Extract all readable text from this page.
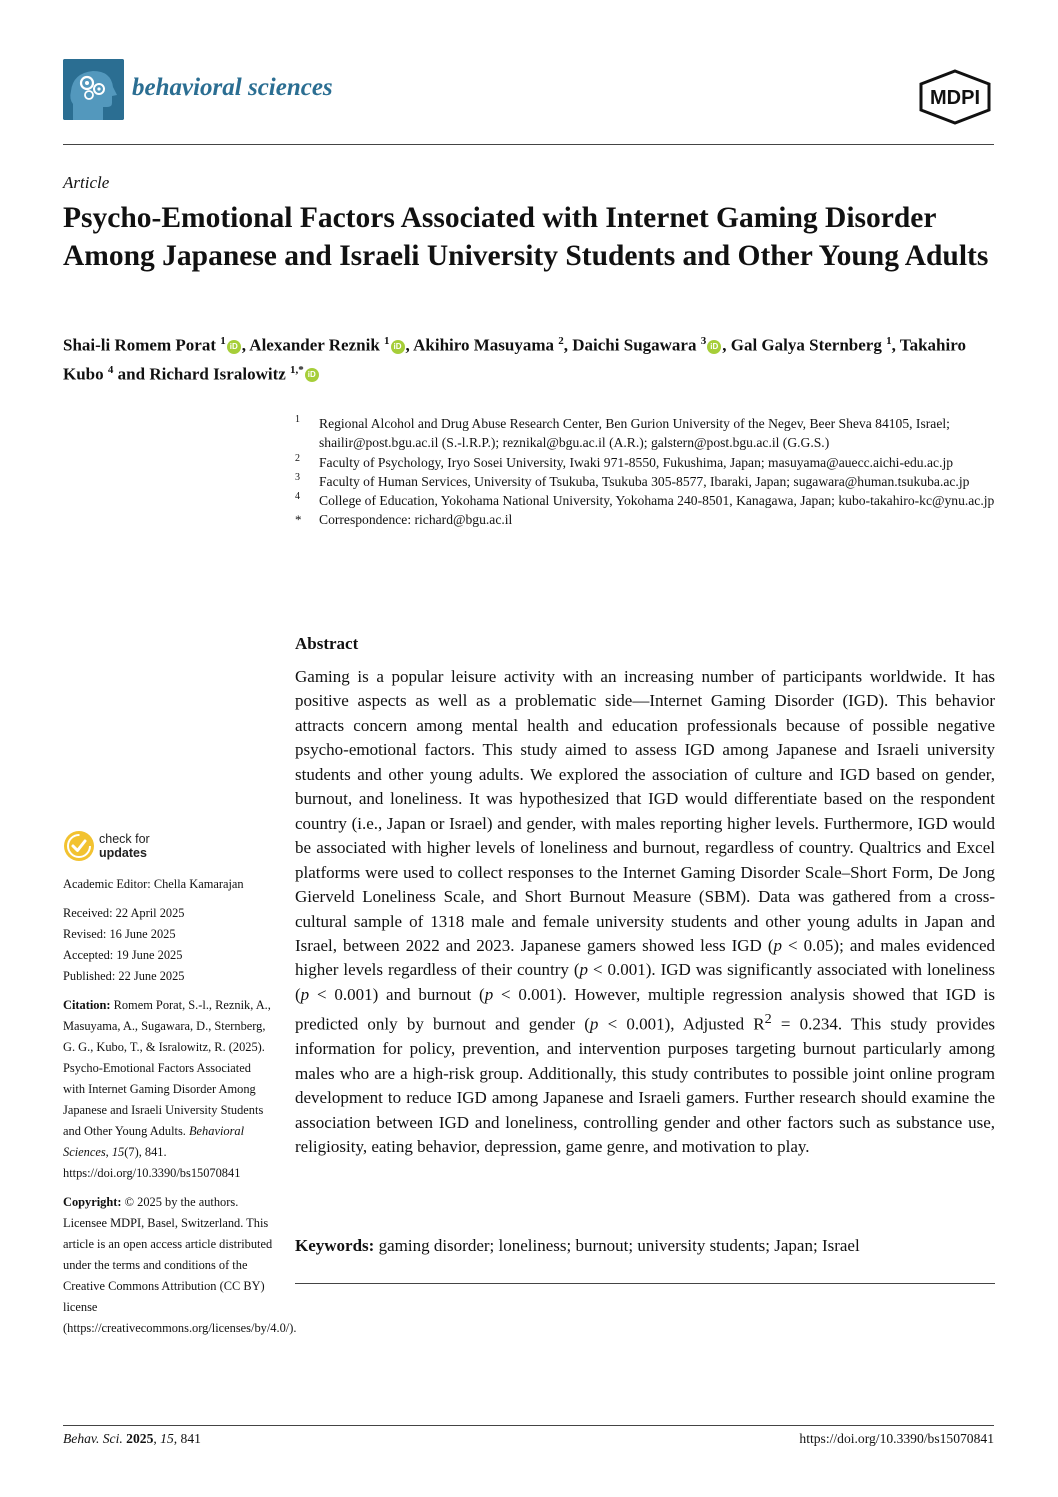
behavioral sciences	MDPI
Article
Psycho-Emotional Factors Associated with Internet Gaming Disorder Among Japanese and Israeli University Students and Other Young Adults
Shai-li Romem Porat $^1$ iD , Alexander Reznik $^1$ iD , Akihiro Masuyama $^2$, Daichi Sugawara $^3$ iD , Gal Galya Sternberg $^1$, Takahiro Kubo $^4$ and Richard Isralowitz $^{1,*}$ iD
1 Regional Alcohol and Drug Abuse Research Center, Ben Gurion University of the Negev, Beer Sheva 84105, Israel; shailir@post.bgu.ac.il (S.-l.R.P.); reznikal@bgu.ac.il (A.R.); galstern@post.bgu.ac.il (G.G.S.)
2 Faculty of Psychology, Iryo Sosei University, Iwaki 971-8550, Fukushima, Japan; masuyama@auecc.aichi-edu.ac.jp
3 Faculty of Human Services, University of Tsukuba, Tsukuba 305-8577, Ibaraki, Japan; sugawara@human.tsukuba.ac.jp
4 College of Education, Yokohama National University, Yokohama 240-8501, Kanagawa, Japan; kubo-takahiro-kc@ynu.ac.jp
* Correspondence: richard@bgu.ac.il
Abstract

Gaming is a popular leisure activity with an increasing number of participants worldwide. It has positive aspects as well as a problematic side—Internet Gaming Disorder (IGD). This behavior attracts concern among mental health and education professionals because of possible negative psycho-emotional factors. This study aimed to assess IGD among Japanese and Israeli university students and other young adults. We explored the association of culture and IGD based on gender, burnout, and loneliness. It was hypothesized that IGD would differentiate based on the respondent country (i.e., Japan or Israel) and gender, with males reporting higher levels. Furthermore, IGD would be associated with higher levels of loneliness and burnout, regardless of country. Qualtrics and Excel platforms were used to collect responses to the Internet Gaming Disorder Scale–Short Form, De Jong Gierveld Loneliness Scale, and Short Burnout Measure (SBM). Data was gathered from a cross-cultural sample of 1318 male and female university students and other young adults in Japan and Israel, between 2022 and 2023. Japanese gamers showed less IGD (p < 0.05); and males evidenced higher levels regardless of their country (p < 0.001). IGD was significantly associated with loneliness (p < 0.001) and burnout (p < 0.001). However, multiple regression analysis showed that IGD is predicted only by burnout and gender (p < 0.001), Adjusted $R^2 = 0.234$. This study provides information for policy, prevention, and intervention purposes targeting burnout particularly among males who are a high-risk group. Additionally, this study contributes to possible joint online program development to reduce IGD among Japanese and Israeli gamers. Further research should examine the association between IGD and loneliness, controlling gender and other factors such as substance use, religiosity, eating behavior, depression, game genre, and motivation to play.

Keywords: gaming disorder; loneliness; burnout; university students; Japan; Israel
check for
updates

Academic Editor: Chella Kamarajan

Received: 22 April 2025

Revised: 16 June 2025

Accepted: 19 June 2025

Published: 22 June 2025

Citation: Romem Porat, S.-l., Reznik, A., Masuyama, A., Sugawara, D., Sternberg, G. G., Kubo, T., & Isralowitz, R. (2025). Psycho-Emotional Factors Associated with Internet Gaming Disorder Among Japanese and Israeli University Students and Other Young Adults. Behavioral Sciences, 15(7), 841. https://doi.org/10.3390/bs15070841

Copyright: © 2025 by the authors. Licensee MDPI, Basel, Switzerland. This article is an open access article distributed under the terms and conditions of the Creative Commons Attribution (CC BY) license (https://creativecommons.org/licenses/by/4.0/).

Behav. Sci. 2025, 15, 841	https://doi.org/10.3390/bs15070841
